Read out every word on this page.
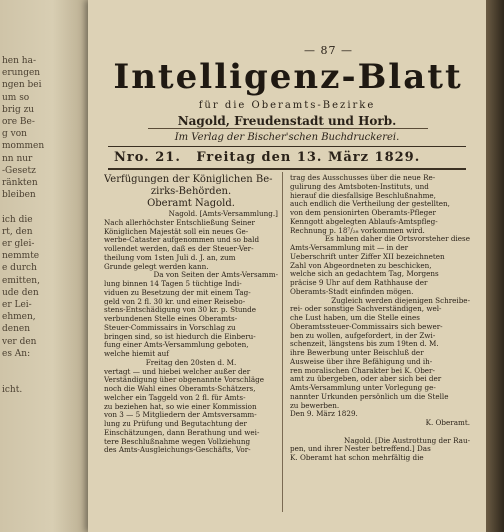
hen ha-
erungen
ngen bei
um so
brig zu
ore Be-
g von
mommen
nn nur
-Gesetz
ränkten
bleiben
ich die
rt, den
er glei-
nemmte
e durch
emitten,
ude den
er Lei-
ehmen,
denen
ver den
es An:
icht.
— 87 —
Intelligenz-Blatt
für die Oberamts-Bezirke
Nagold, Freudenstadt und Horb.
Im Verlag der Bischer'schen Buchdruckerei.
Nro. 21. Freitag den 13. März 1829.
Verfügungen der Königlichen Be-
zirks-Behörden.
Oberamt Nagold.
Nagold. [Amts-Versammlung.]
Nach allerhöchster Entschließung Seiner
Königlichen Majestät soll ein neues Ge-
werbe-Cataster aufgenommen und so bald
vollendet werden, daß es der Steuer-Ver-
theilung vom 1sten Juli d. J. an, zum
Grunde gelegt werden kann.
Da von Seiten der Amts-Versamm-
lung binnen 14 Tagen 5 tüchtige Indi-
viduen zu Besetzung der mit einem Tag-
geld von 2 fl. 30 kr. und einer Reisebo-
stens-Entschädigung von 30 kr. p. Stunde
verbundenen Stelle eines Oberamts-
Steuer-Commissairs in Vorschlag zu
bringen sind, so ist hiedurch die Einberu-
fung einer Amts-Versammlung geboten,
welche hiemit auf
Freitag den 20sten d. M.
vertagt — und hiebei welcher außer der
Verständigung über obgenannte Vorschläge
noch die Wahl eines Oberamts-Schätzers,
welcher ein Taggeld von 2 fl. für Amts-
zu beziehen hat, so wie einer Kommission
von 3 — 5 Mitgliedern der Amtsversamm-
lung zu Prüfung und Begutachtung der
Einschätzungen, dann Berathung und wei-
tere Beschlußnahme wegen Vollziehung
des Amts-Ausgleichungs-Geschäfts, Vor-
trag des Ausschusses über die neue Re-
gulirung des Amtsboten-Instituts, und
hierauf die diesfallsige Beschlußnahme,
auch endlich die Vertheilung der gestellten,
von dem pensionirten Oberamts-Pfleger
Kenngott abgelegten Ablaufs-Amtspfleg-
Rechnung p. 18⁷/₂₈ vorkommen wird.
Es haben daher die Ortsvorsteher diese
Amts-Versammlung mit — in der
Ueberschrift unter Ziffer XII bezeichneten
Zahl von Abgeordneten zu beschicken,
welche sich an gedachtem Tag, Morgens
präcise 9 Uhr auf dem Rathhause der
Oberamts-Stadt einfinden mögen.
Zugleich werden diejenigen Schreibe-
rei- oder sonstige Sachverständigen, wel-
che Lust haben, um die Stelle eines
Oberamtssteuer-Commissairs sich bewer-
ben zu wollen, aufgefordert, in der Zwi-
schenzeit, längstens bis zum 19ten d. M.
ihre Bewerbung unter Beischluß der
Ausweise über ihre Befähigung und ih-
ren moralischen Charakter bei K. Ober-
amt zu übergeben, oder aber sich bei der
Amts-Versammlung unter Vorlegung ge-
nannter Urkunden persönlich um die Stelle
zu bewerben.
Den 9. März 1829.
K. Oberamt.

Nagold. [Die Austrottung der Rau-
pen, und ihrer Nester betreffend.] Das
K. Oberamt hat schon mehrfältig die
